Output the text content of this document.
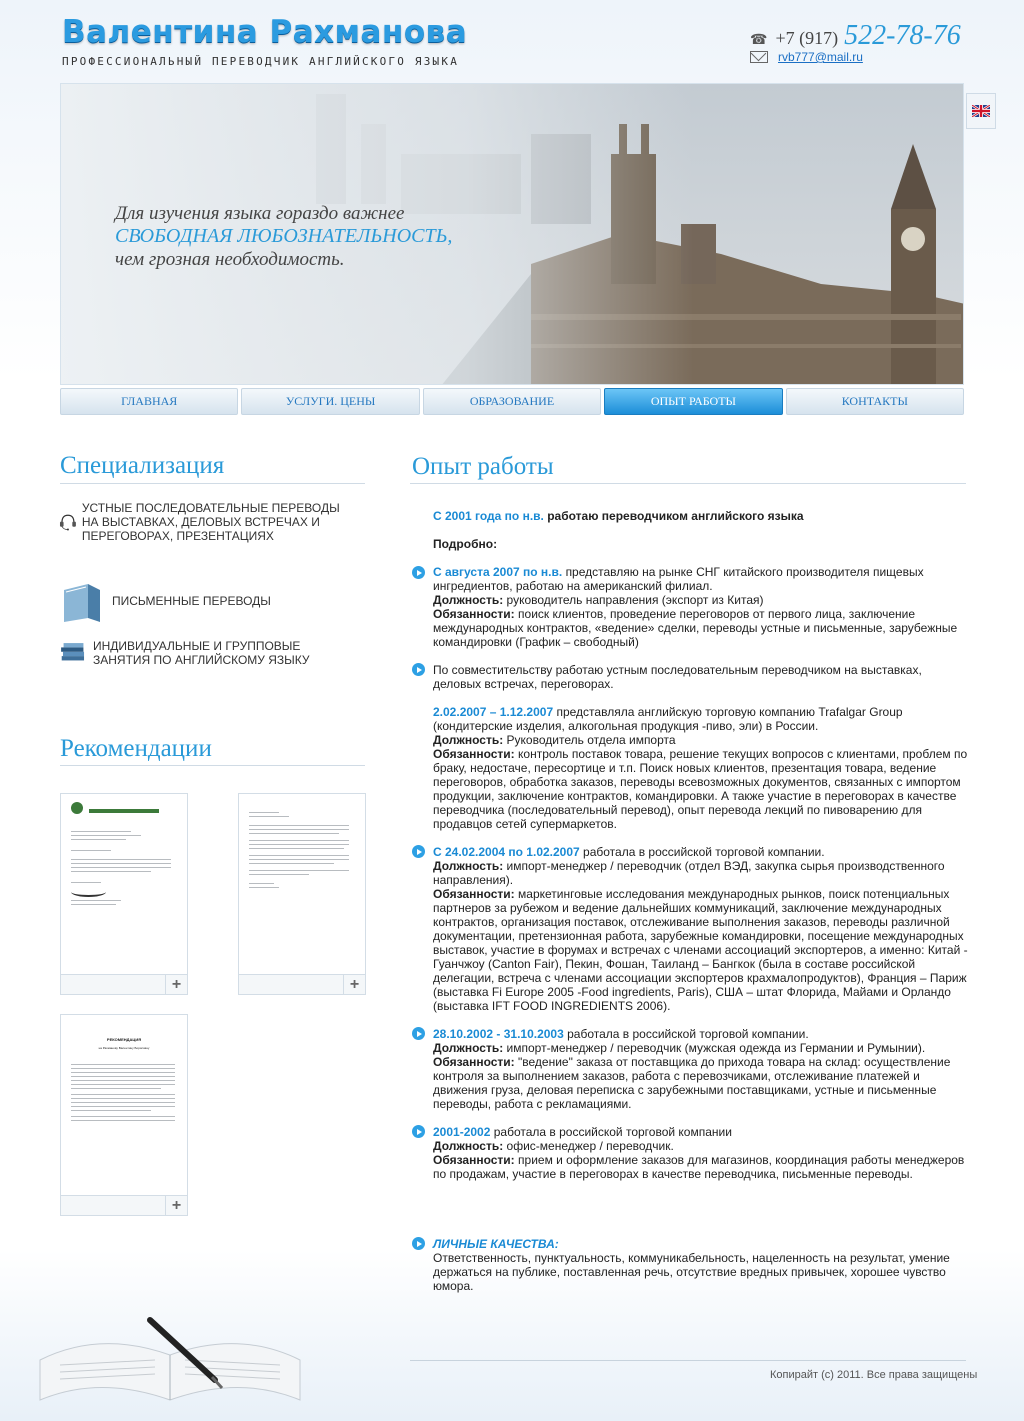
Валентина Рахманова
ПРОФЕССИОНАЛЬНЫЙ ПЕРЕВОДЧИК АНГЛИЙСКОГО ЯЗЫКА
☎ +7 (917) 522-78-76
rvb777@mail.ru
Для изучения языка гораздо важнее
СВОБОДНАЯ ЛЮБОЗНАТЕЛЬНОСТЬ,
чем грозная необходимость.
ГЛАВНАЯ	УСЛУГИ. ЦЕНЫ	ОБРАЗОВАНИЕ	ОПЫТ РАБОТЫ	КОНТАКТЫ
Специализация
УСТНЫЕ ПОСЛЕДОВАТЕЛЬНЫЕ ПЕРЕВОДЫ НА ВЫСТАВКАХ, ДЕЛОВЫХ ВСТРЕЧАХ И ПЕРЕГОВОРАХ, ПРЕЗЕНТАЦИЯХ
ПИСЬМЕННЫЕ ПЕРЕВОДЫ
ИНДИВИДУАЛЬНЫЕ И ГРУППОВЫЕ ЗАНЯТИЯ ПО АНГЛИЙСКОМУ ЯЗЫКУ
Рекомендации

+	+
РЕКОМЕНДАЦИЯ
на Рахманову Валентину Борисовну
+
Опыт работы
С 2001 года по н.в. работаю переводчиком английского языка
Подробно:
С августа 2007 по н.в. представляю на рынке СНГ китайского производителя пищевых ингредиентов, работаю на американский филиал.
Должность: руководитель направления (экспорт из Китая)
Обязанности: поиск клиентов, проведение переговоров от первого лица, заключение международных контрактов, «ведение» сделки, переводы устные и письменные, зарубежные командировки (График – свободный)
По совместительству работаю устным последовательным переводчиком на выставках, деловых встречах, переговорах.
2.02.2007 – 1.12.2007 представляла английскую торговую компанию Trafalgar Group (кондитерские изделия, алкогольная продукция -пиво, эли) в России.
Должность: Руководитель отдела импорта
Обязанности: контроль поставок товара, решение текущих вопросов с клиентами, проблем по браку, недостаче, пересортице и т.п. Поиск новых клиентов, презентация товара, ведение переговоров, обработка заказов, переводы всевозможных документов, связанных с импортом продукции, заключение контрактов, командировки. А также участие в переговорах в качестве переводчика (последовательный перевод), опыт перевода лекций по пивоварению для продавцов сетей супермаркетов.
С 24.02.2004 по 1.02.2007 работала в российской торговой компании.
Должность: импорт-менеджер / переводчик (отдел ВЭД, закупка сырья производственного направления).
Обязанности: маркетинговые исследования международных рынков, поиск потенциальных партнеров за рубежом и ведение дальнейших коммуникаций, заключение международных контрактов, организация поставок, отслеживание выполнения заказов, переводы различной документации, претензионная работа, зарубежные командировки, посещение международных выставок, участие в форумах и встречах с членами ассоциаций экспортеров, а именно: Китай - Гуанчжоу (Canton Fair), Пекин, Фошан, Таиланд – Бангкок (была в составе российской делегации, встреча с членами ассоциации экспортеров крахмалопродуктов), Франция – Париж (выставка Fi Europe 2005 -Food ingredients, Paris), США – штат Флорида, Майами и Орландо (выставка IFT FOOD INGREDIENTS 2006).
28.10.2002 - 31.10.2003 работала в российской торговой компании.
Должность: импорт-менеджер / переводчик (мужская одежда из Германии и Румынии).
Обязанности: "ведение" заказа от поставщика до прихода товара на склад: осуществление контроля за выполнением заказов, работа с перевозчиками, отслеживание платежей и движения груза, деловая переписка с зарубежными поставщиками, устные и письменные переводы, работа с рекламациями.
2001-2002 работала в российской торговой компании
Должность: офис-менеджер / переводчик.
Обязанности: прием и оформление заказов для магазинов, координация работы менеджеров по продажам, участие в переговорах в качестве переводчика, письменные переводы.
ЛИЧНЫЕ КАЧЕСТВА:
Ответственность, пунктуальность, коммуникабельность, нацеленность на результат, умение держаться на публике, поставленная речь, отсутствие вредных привычек, хорошее чувство юмора.
Копирайт (c) 2011. Все права защищены
